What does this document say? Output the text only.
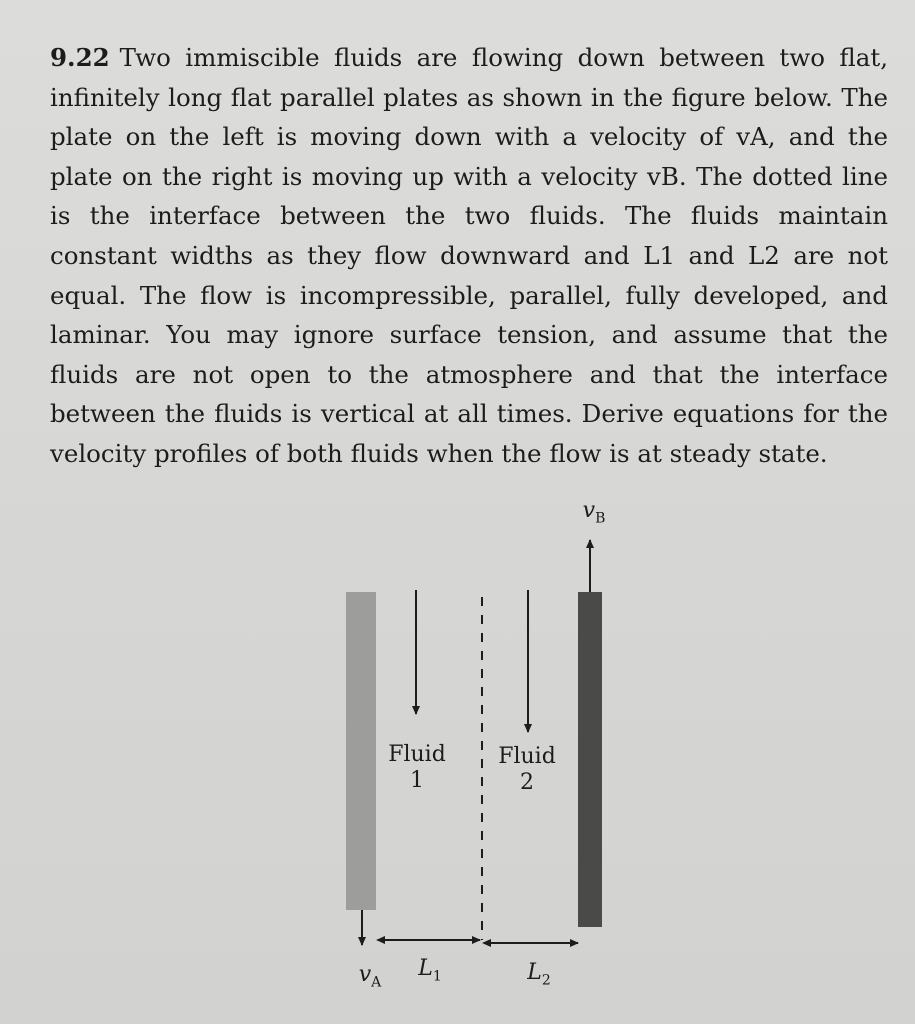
9.22 Two immiscible fluids are flowing down between two flat, infinitely long flat parallel plates as shown in the figure below. The plate on the left is moving down with a velocity of vA, and the plate on the right is moving up with a velocity vB. The dotted line is the interface between the two fluids. The fluids maintain constant widths as they flow downward and L1 and L2 are not equal. The flow is incompressible, parallel, fully developed, and laminar. You may ignore surface tension, and assume that the fluids are not open to the atmosphere and that the interface between the fluids is vertical at all times. Derive equations for the velocity profiles of both fluids when the flow is at steady state.
Fluid
1
Fluid
2
$v_A$
$v_B$
$L_1$	$L_2$
